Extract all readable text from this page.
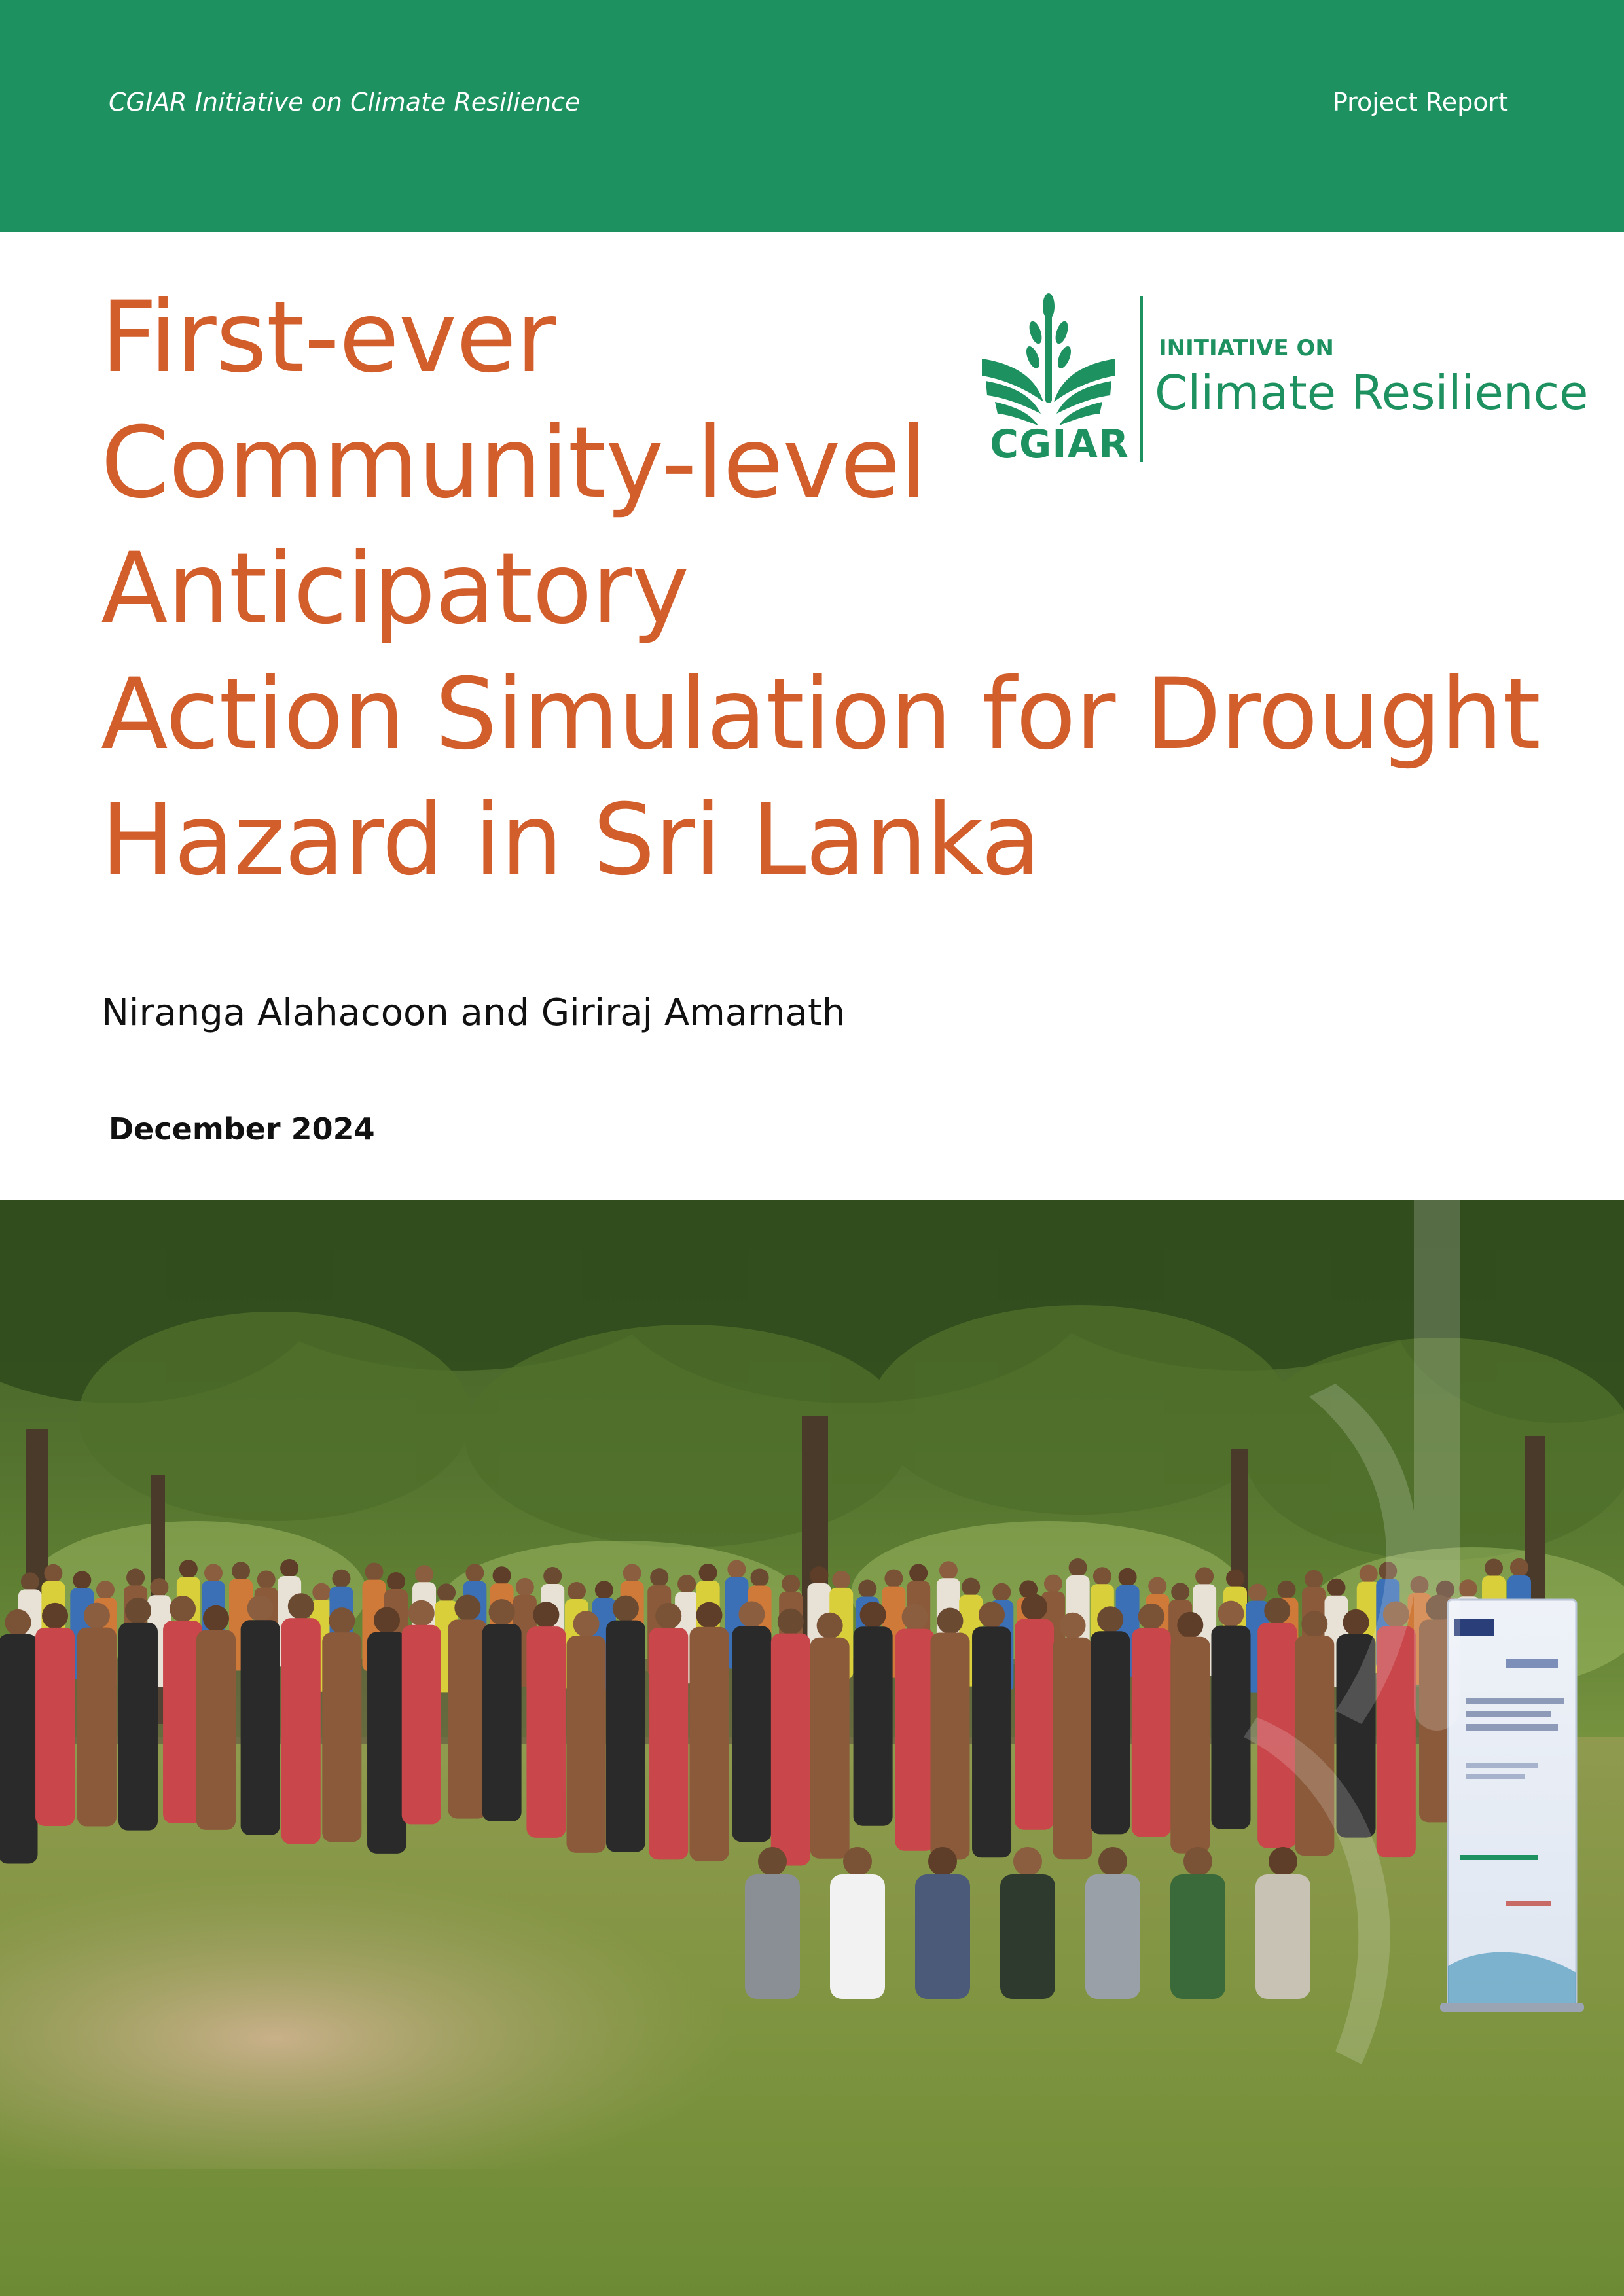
CGIAR Initiative on Climate Resilience	Project Report
First-ever
Community-level
Anticipatory
Action Simulation for Drought
Hazard in Sri Lanka
INITIATIVE ON
Climate Resilience
CGIAR
Niranga Alahacoon and Giriraj Amarnath
December 2024
